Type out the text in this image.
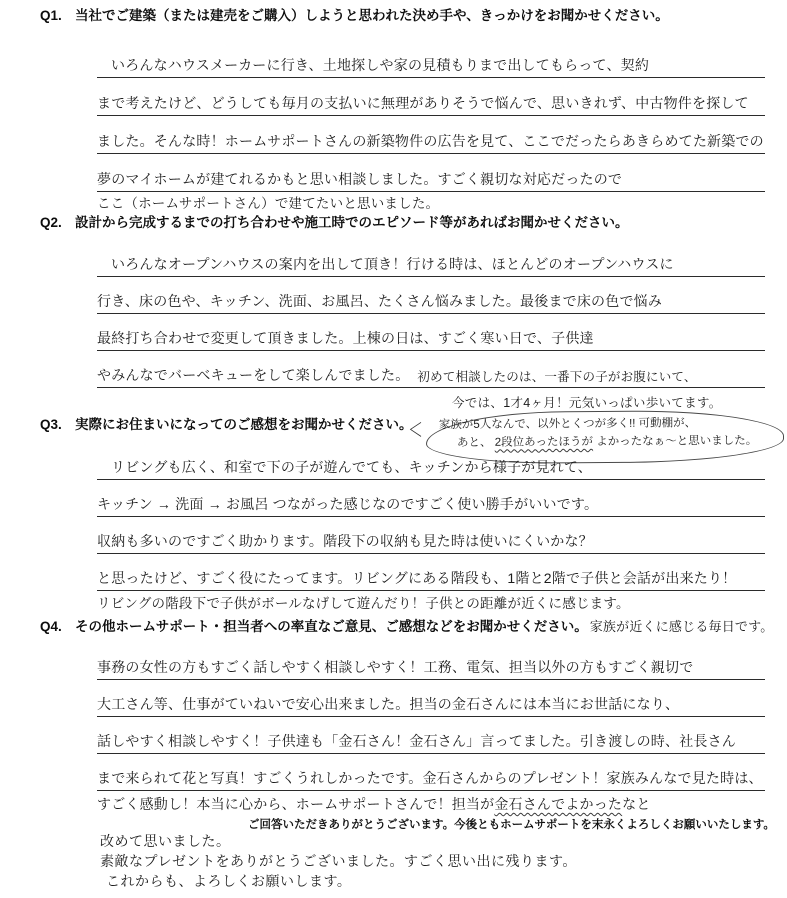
Q1. 当社でご建築（または建売をご購入）しようと思われた決め手や、きっかけをお聞かせください。
いろんなハウスメーカーに行き、土地探しや家の見積もりまで出してもらって、契約
まで考えたけど、どうしても毎月の支払いに無理がありそうで悩んで、思いきれず、中古物件を探して
ました。そんな時！ホームサポートさんの新築物件の広告を見て、ここでだったらあきらめてた新築での
夢のマイホームが建てれるかもと思い相談しました。すごく親切な対応だったので
ここ（ホームサポートさん）で建てたいと思いました。
Q2. 設計から完成するまでの打ち合わせや施工時でのエピソード等があればお聞かせください。
いろんなオープンハウスの案内を出して頂き！行ける時は、ほとんどのオープンハウスに
行き、床の色や、キッチン、洗面、お風呂、たくさん悩みました。最後まで床の色で悩み
最終打ち合わせで変更して頂きました。上棟の日は、すごく寒い日で、子供達
やみんなでバーベキューをして楽しんでました。 初めて相談したのは、一番下の子がお腹にいて、
今では、1才4ヶ月！元気いっぱい歩いてます。
Q3. 実際にお住まいになってのご感想をお聞かせください。
＜ 家族が5人なんで、以外とくつが多く!! 可動棚が、
あと、 2段位あったほうが よかったなぁ〜と思いました。
リビングも広く、和室で下の子が遊んでても、キッチンから様子が見れて、
キッチン → 洗面 → お風呂 つながった感じなのですごく使い勝手がいいです。
収納も多いのですごく助かります。階段下の収納も見た時は使いにくいかな？
と思ったけど、すごく役にたってます。リビングにある階段も、1階と2階で子供と会話が出来たり！
リビングの階段下で子供がボールなげして遊んだり！子供との距離が近くに感じます。
Q4. その他ホームサポート・担当者への率直なご意見、ご感想などをお聞かせください。 家族が近くに感じる毎日です。
事務の女性の方もすごく話しやすく相談しやすく！工務、電気、担当以外の方もすごく親切で
大工さん等、仕事がていねいで安心出来ました。担当の金石さんには本当にお世話になり、
話しやすく相談しやすく！子供達も「金石さん！金石さん」言ってました。引き渡しの時、社長さん
まで来られて花と写真！すごくうれしかったです。金石さんからのプレゼント！家族みんなで見た時は、
すごく感動し！本当に心から、ホームサポートさんで！担当が 金石さんでよかった なと
ご回答いただきありがとうございます。今後ともホームサポートを末永くよろしくお願いいたします。
改めて思いました。
素敵なプレゼントをありがとうございました。すごく思い出に残ります。
これからも、よろしくお願いします。
